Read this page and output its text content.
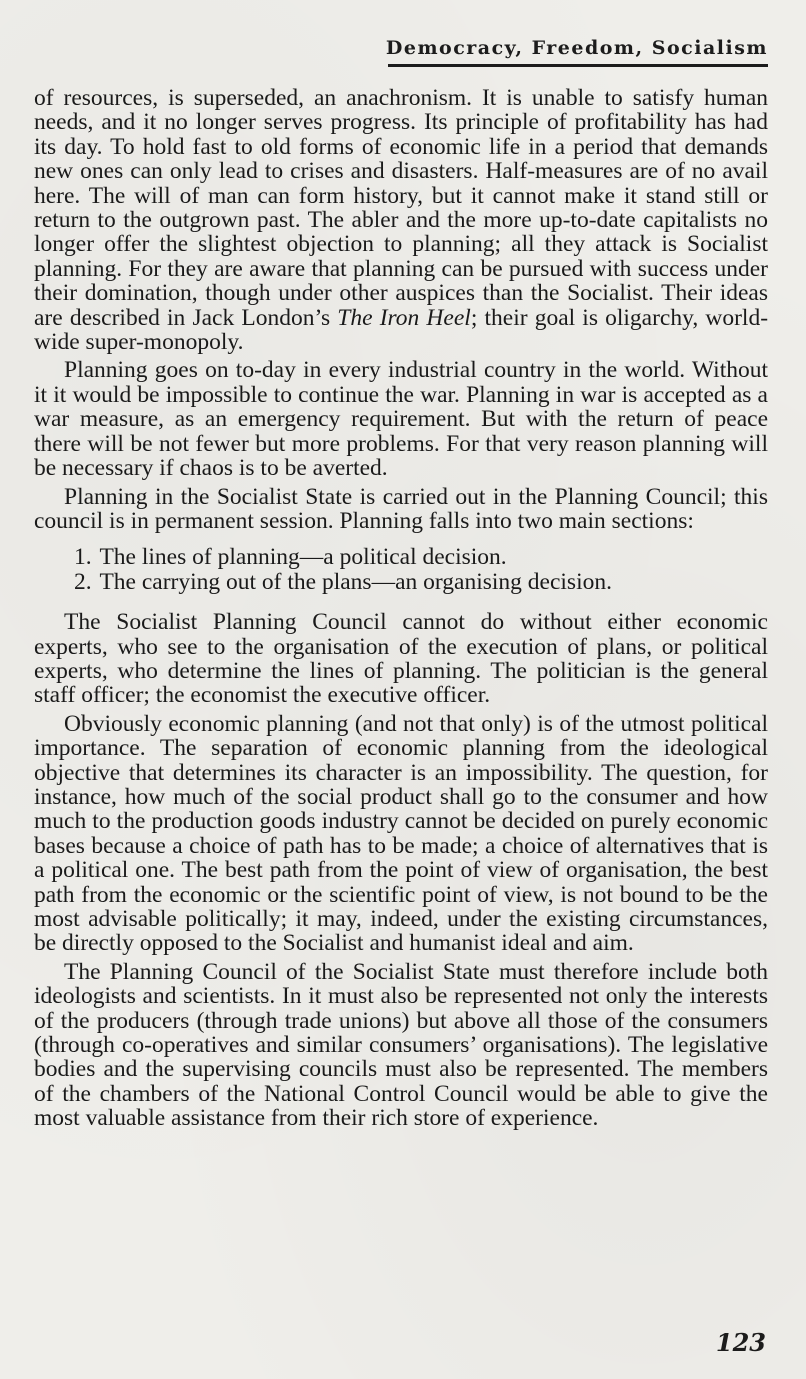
Democracy, Freedom, Socialism

of resources, is superseded, an anachronism. It is unable to satisfy human needs, and it no longer serves progress. Its principle of profitability has had its day. To hold fast to old forms of economic life in a period that demands new ones can only lead to crises and disasters. Half-measures are of no avail here. The will of man can form history, but it cannot make it stand still or return to the outgrown past. The abler and the more up-to-date capitalists no longer offer the slightest objection to planning; all they attack is Socialist planning. For they are aware that planning can be pursued with success under their domination, though under other auspices than the Socialist. Their ideas are described in Jack London’s The Iron Heel; their goal is oligarchy, world-wide super-monopoly.

Planning goes on to-day in every industrial country in the world. Without it it would be impossible to continue the war. Planning in war is accepted as a war measure, as an emergency requirement. But with the return of peace there will be not fewer but more problems. For that very reason planning will be necessary if chaos is to be averted.

Planning in the Socialist State is carried out in the Planning Council; this council is in permanent session. Planning falls into two main sections:

1. The lines of planning—a political decision.
2. The carrying out of the plans—an organising decision.

The Socialist Planning Council cannot do without either economic experts, who see to the organisation of the execution of plans, or political experts, who determine the lines of planning. The politician is the general staff officer; the economist the executive officer.

Obviously economic planning (and not that only) is of the utmost political importance. The separation of economic planning from the ideological objective that determines its character is an impossibility. The question, for instance, how much of the social product shall go to the consumer and how much to the production goods industry cannot be decided on purely economic bases because a choice of path has to be made; a choice of alternatives that is a political one. The best path from the point of view of organisation, the best path from the economic or the scientific point of view, is not bound to be the most advisable politically; it may, indeed, under the existing circumstances, be directly opposed to the Socialist and humanist ideal and aim.

The Planning Council of the Socialist State must therefore include both ideologists and scientists. In it must also be represented not only the interests of the producers (through trade unions) but above all those of the consumers (through co-operatives and similar consumers’ organisations). The legislative bodies and the supervising councils must also be represented. The members of the chambers of the National Control Council would be able to give the most valuable assistance from their rich store of experience.

123
